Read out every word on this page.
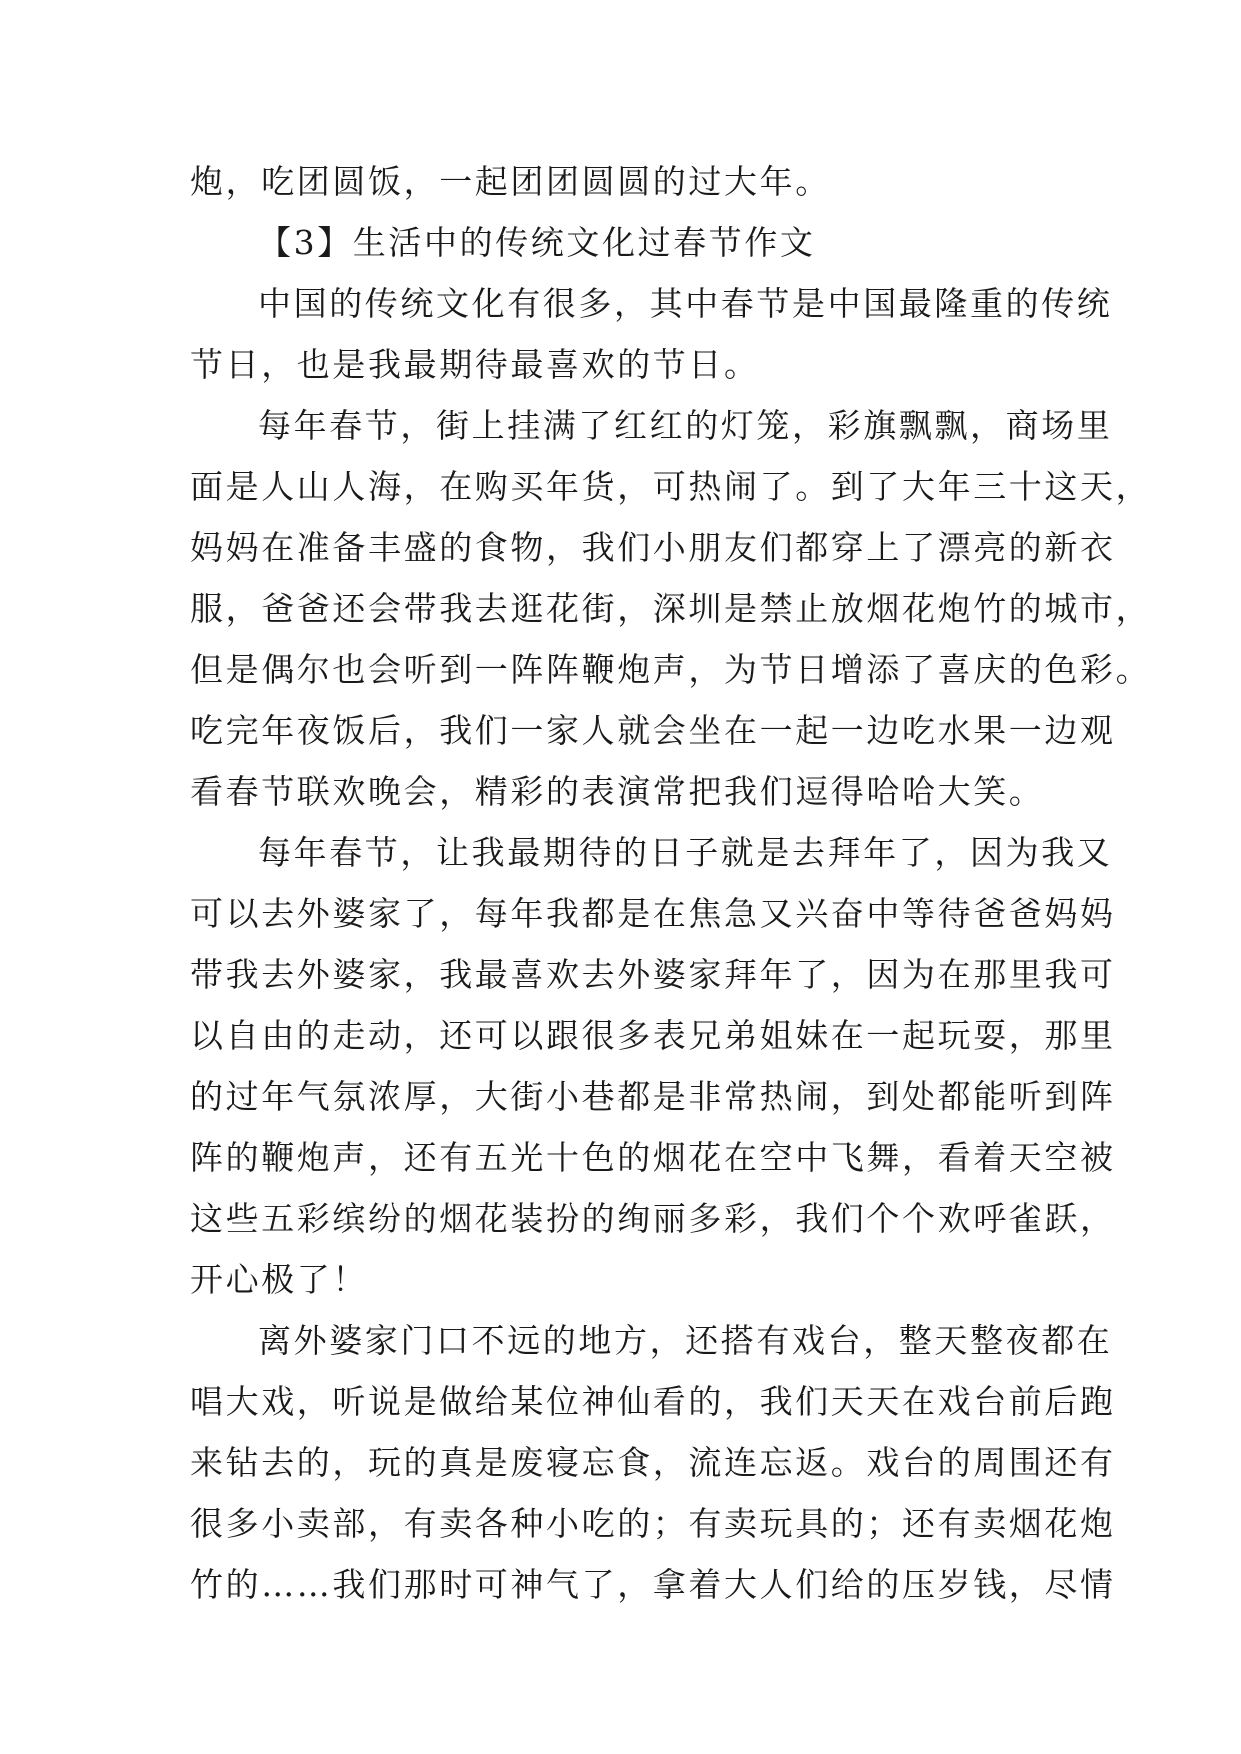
炮，吃团圆饭，一起团团圆圆的过大年。
【3】生活中的传统文化过春节作文
中国的传统文化有很多，其中春节是中国最隆重的传统
节日，也是我最期待最喜欢的节日。
每年春节，街上挂满了红红的灯笼，彩旗飘飘，商场里
面是人山人海，在购买年货，可热闹了。到了大年三十这天，
妈妈在准备丰盛的食物，我们小朋友们都穿上了漂亮的新衣
服，爸爸还会带我去逛花街，深圳是禁止放烟花炮竹的城市，
但是偶尔也会听到一阵阵鞭炮声，为节日增添了喜庆的色彩。
吃完年夜饭后，我们一家人就会坐在一起一边吃水果一边观
看春节联欢晚会，精彩的表演常把我们逗得哈哈大笑。
每年春节，让我最期待的日子就是去拜年了，因为我又
可以去外婆家了，每年我都是在焦急又兴奋中等待爸爸妈妈
带我去外婆家，我最喜欢去外婆家拜年了，因为在那里我可
以自由的走动，还可以跟很多表兄弟姐妹在一起玩耍，那里
的过年气氛浓厚，大街小巷都是非常热闹，到处都能听到阵
阵的鞭炮声，还有五光十色的烟花在空中飞舞，看着天空被
这些五彩缤纷的烟花装扮的绚丽多彩，我们个个欢呼雀跃，
开心极了！
离外婆家门口不远的地方，还搭有戏台，整天整夜都在
唱大戏，听说是做给某位神仙看的，我们天天在戏台前后跑
来钻去的，玩的真是废寝忘食，流连忘返。戏台的周围还有
很多小卖部，有卖各种小吃的；有卖玩具的；还有卖烟花炮
竹的……我们那时可神气了，拿着大人们给的压岁钱，尽情
